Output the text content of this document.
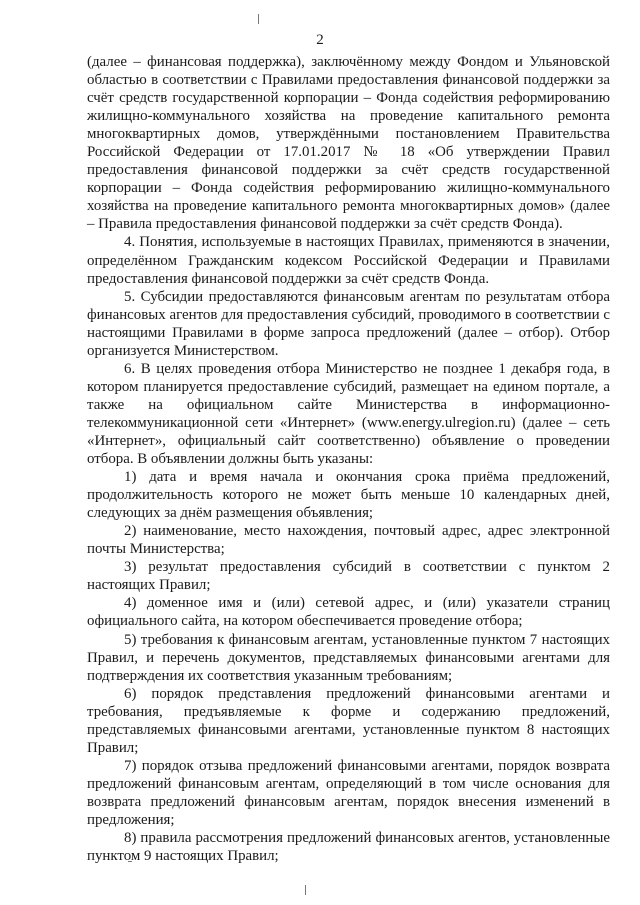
2

(далее – финансовая поддержка), заключённому между Фондом и Ульяновской областью в соответствии с Правилами предоставления финансовой поддержки за счёт средств государственной корпорации – Фонда содействия реформированию жилищно-коммунального хозяйства на проведение капитального ремонта многоквартирных домов, утверждёнными постановлением Правительства Российской Федерации от 17.01.2017 № 18 «Об утверждении Правил предоставления финансовой поддержки за счёт средств государственной корпорации – Фонда содействия реформированию жилищно-коммунального хозяйства на проведение капитального ремонта многоквартирных домов» (далее – Правила предоставления финансовой поддержки за счёт средств Фонда).

4. Понятия, используемые в настоящих Правилах, применяются в значении, определённом Гражданским кодексом Российской Федерации и Правилами предоставления финансовой поддержки за счёт средств Фонда.

5. Субсидии предоставляются финансовым агентам по результатам отбора финансовых агентов для предоставления субсидий, проводимого в соответствии с настоящими Правилами в форме запроса предложений (далее – отбор). Отбор организуется Министерством.

6. В целях проведения отбора Министерство не позднее 1 декабря года, в котором планируется предоставление субсидий, размещает на едином портале, а также на официальном сайте Министерства в информационно-телекоммуникационной сети «Интернет» (www.energy.ulregion.ru) (далее – сеть «Интернет», официальный сайт соответственно) объявление о проведении отбора. В объявлении должны быть указаны:

1) дата и время начала и окончания срока приёма предложений, продолжительность которого не может быть меньше 10 календарных дней, следующих за днём размещения объявления;

2) наименование, место нахождения, почтовый адрес, адрес электронной почты Министерства;

3) результат предоставления субсидий в соответствии с пунктом 2 настоящих Правил;

4) доменное имя и (или) сетевой адрес, и (или) указатели страниц официального сайта, на котором обеспечивается проведение отбора;

5) требования к финансовым агентам, установленные пунктом 7 настоящих Правил, и перечень документов, представляемых финансовыми агентами для подтверждения их соответствия указанным требованиям;

6) порядок представления предложений финансовыми агентами и требования, предъявляемые к форме и содержанию предложений, представляемых финансовыми агентами, установленные пунктом 8 настоящих Правил;

7) порядок отзыва предложений финансовыми агентами, порядок возврата предложений финансовым агентам, определяющий в том числе основания для возврата предложений финансовым агентам, порядок внесения изменений в предложения;

8) правила рассмотрения предложений финансовых агентов, установленные пунктом 9 настоящих Правил;
